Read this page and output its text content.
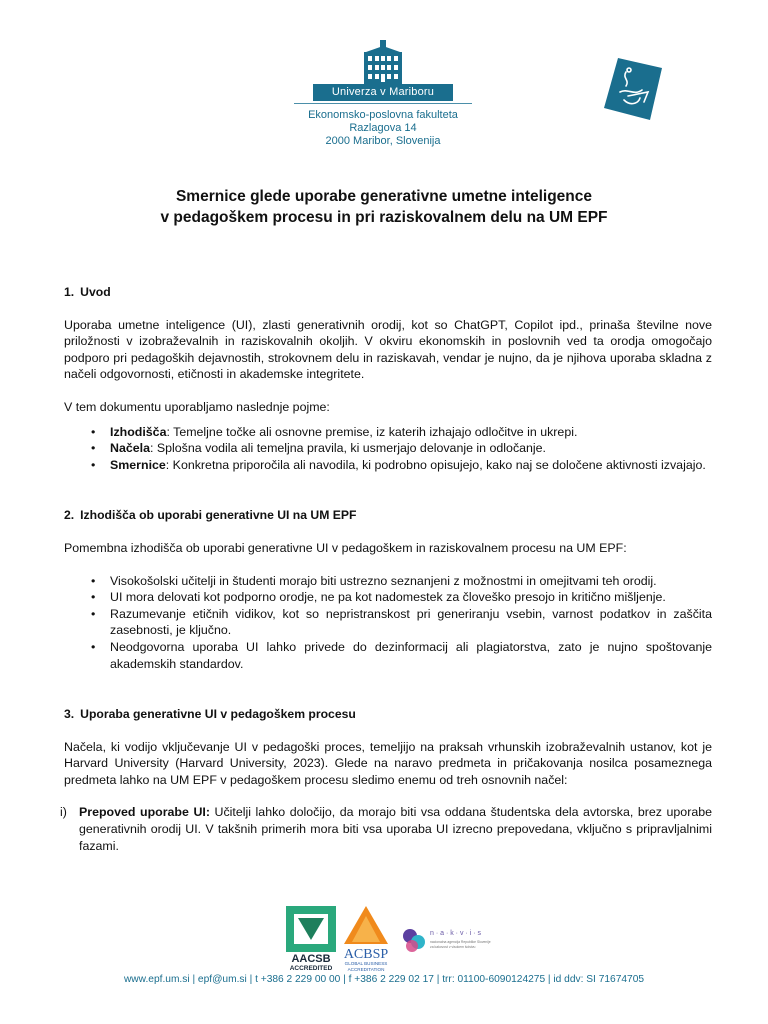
Univerza v Mariboru
Ekonomsko-poslovna fakulteta
Razlagova 14
2000 Maribor, Slovenija
Smernice glede uporabe generativne umetne inteligence
v pedagoškem procesu in pri raziskovalnem delu na UM EPF

1. Uvod

Uporaba umetne inteligence (UI), zlasti generativnih orodij, kot so ChatGPT, Copilot ipd., prinaša številne nove priložnosti v izobraževalnih in raziskovalnih okoljih. V okviru ekonomskih in poslovnih ved ta orodja omogočajo podporo pri pedagoških dejavnostih, strokovnem delu in raziskavah, vendar je nujno, da je njihova uporaba skladna z načeli odgovornosti, etičnosti in akademske integritete.

V tem dokumentu uporabljamo naslednje pojme:

• Izhodišča: Temeljne točke ali osnovne premise, iz katerih izhajajo odločitve in ukrepi.
• Načela: Splošna vodila ali temeljna pravila, ki usmerjajo delovanje in odločanje.
• Smernice: Konkretna priporočila ali navodila, ki podrobno opisujejo, kako naj se določene aktivnosti izvajajo.

2. Izhodišča ob uporabi generativne UI na UM EPF

Pomembna izhodišča ob uporabi generativne UI v pedagoškem in raziskovalnem procesu na UM EPF:

• Visokošolski učitelji in študenti morajo biti ustrezno seznanjeni z možnostmi in omejitvami teh orodij.
• UI mora delovati kot podporno orodje, ne pa kot nadomestek za človeško presojo in kritično mišljenje.
• Razumevanje etičnih vidikov, kot so nepristranskost pri generiranju vsebin, varnost podatkov in zaščita zasebnosti, je ključno.
• Neodgovorna uporaba UI lahko privede do dezinformacij ali plagiatorstva, zato je nujno spoštovanje akademskih standardov.

3. Uporaba generativne UI v pedagoškem procesu

Načela, ki vodijo vključevanje UI v pedagoški proces, temeljijo na praksah vrhunskih izobraževalnih ustanov, kot je Harvard University (Harvard University, 2023). Glede na naravo predmeta in pričakovanja nosilca posameznega predmeta lahko na UM EPF v pedagoškem procesu sledimo enemu od treh osnovnih načel:

i) Prepoved uporabe UI: Učitelji lahko določijo, da morajo biti vsa oddana študentska dela avtorska, brez uporabe generativnih orodij UI. V takšnih primerih mora biti vsa uporaba UI izrecno prepovedana, vključno s pripravljalnimi fazami.
AACSB
ACCREDITED
ACBSP
GLOBAL BUSINESS
ACCREDITATION
n · a · k · v · i · s
nacionalna agencija Republike Slovenije
za kakovost v visokem šolstvu
www.epf.um.si | epf@um.si | t +386 2 229 00 00 | f +386 2 229 02 17 | trr: 01100-6090124275 | id ddv: SI 71674705
